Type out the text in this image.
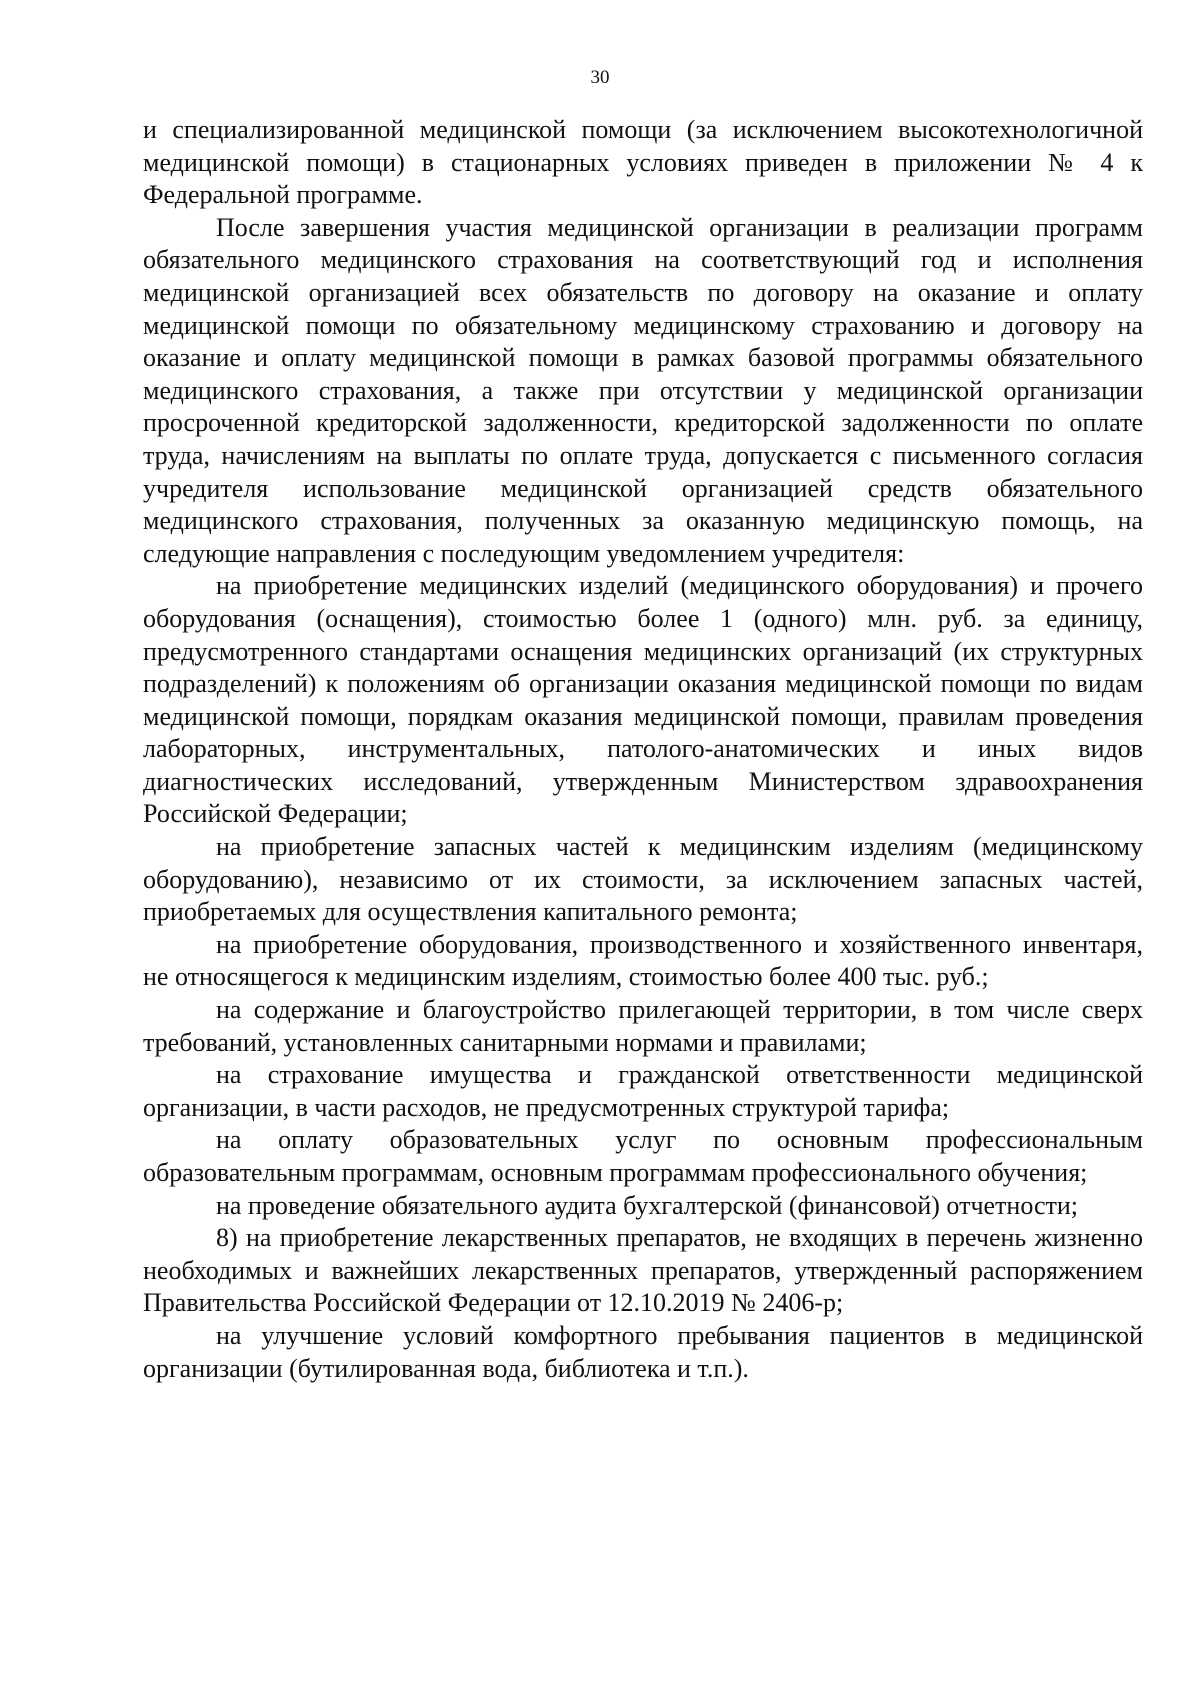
30

и специализированной медицинской помощи (за исключением высокотехнологичной медицинской помощи) в стационарных условиях приведен в приложении № 4 к Федеральной программе.

После завершения участия медицинской организации в реализации программ обязательного медицинского страхования на соответствующий год и исполнения медицинской организацией всех обязательств по договору на оказание и оплату медицинской помощи по обязательному медицинскому страхованию и договору на оказание и оплату медицинской помощи в рамках базовой программы обязательного медицинского страхования, а также при отсутствии у медицинской организации просроченной кредиторской задолженности, кредиторской задолженности по оплате труда, начислениям на выплаты по оплате труда, допускается с письменного согласия учредителя использование медицинской организацией средств обязательного медицинского страхования, полученных за оказанную медицинскую помощь, на следующие направления с последующим уведомлением учредителя:

на приобретение медицинских изделий (медицинского оборудования) и прочего оборудования (оснащения), стоимостью более 1 (одного) млн. руб. за единицу, предусмотренного стандартами оснащения медицинских организаций (их структурных подразделений) к положениям об организации оказания медицинской помощи по видам медицинской помощи, порядкам оказания медицинской помощи, правилам проведения лабораторных, инструментальных, патолого-анатомических и иных видов диагностических исследований, утвержденным Министерством здравоохранения Российской Федерации;

на приобретение запасных частей к медицинским изделиям (медицинскому оборудованию), независимо от их стоимости, за исключением запасных частей, приобретаемых для осуществления капитального ремонта;

на приобретение оборудования, производственного и хозяйственного инвентаря, не относящегося к медицинским изделиям, стоимостью более 400 тыс. руб.;

на содержание и благоустройство прилегающей территории, в том числе сверх требований, установленных санитарными нормами и правилами;

на страхование имущества и гражданской ответственности медицинской организации, в части расходов, не предусмотренных структурой тарифа;

на оплату образовательных услуг по основным профессиональным образовательным программам, основным программам профессионального обучения;

на проведение обязательного аудита бухгалтерской (финансовой) отчетности;

8) на приобретение лекарственных препаратов, не входящих в перечень жизненно необходимых и важнейших лекарственных препаратов, утвержденный распоряжением Правительства Российской Федерации от 12.10.2019 № 2406-р;

на улучшение условий комфортного пребывания пациентов в медицинской организации (бутилированная вода, библиотека и т.п.).
